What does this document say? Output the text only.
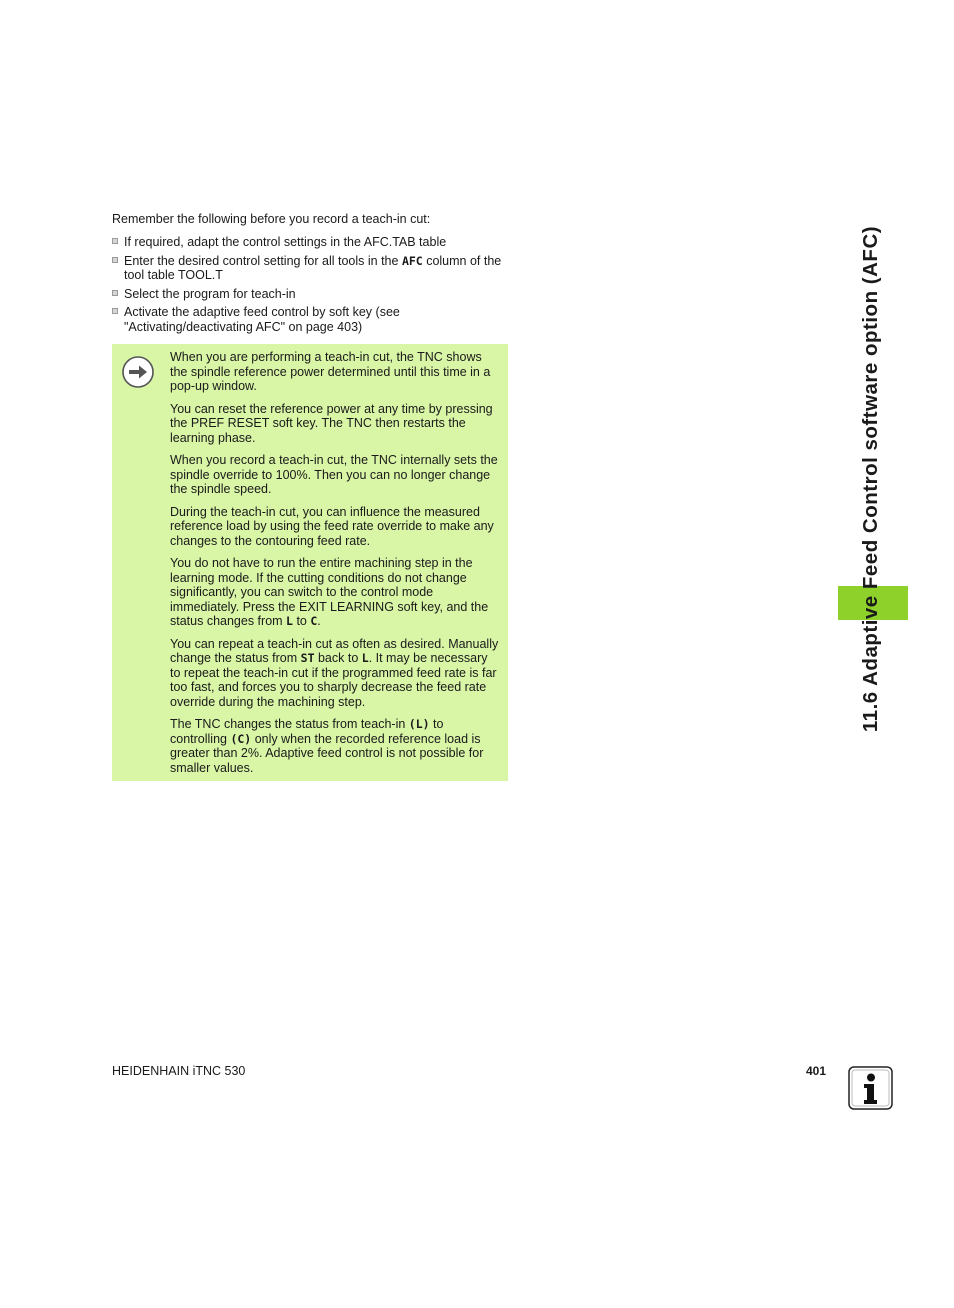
Remember the following before you record a teach-in cut:

If required, adapt the control settings in the AFC.TAB table
Enter the desired control setting for all tools in the AFC column of the tool table TOOL.T
Select the program for teach-in
Activate the adaptive feed control by soft key (see "Activating/deactivating AFC" on page 403)

When you are performing a teach-in cut, the TNC shows the spindle reference power determined until this time in a pop-up window.

You can reset the reference power at any time by pressing the PREF RESET soft key. The TNC then restarts the learning phase.

When you record a teach-in cut, the TNC internally sets the spindle override to 100%. Then you can no longer change the spindle speed.

During the teach-in cut, you can influence the measured reference load by using the feed rate override to make any changes to the contouring feed rate.

You do not have to run the entire machining step in the learning mode. If the cutting conditions do not change significantly, you can switch to the control mode immediately. Press the EXIT LEARNING soft key, and the status changes from L to C.

You can repeat a teach-in cut as often as desired. Manually change the status from ST back to L. It may be necessary to repeat the teach-in cut if the programmed feed rate is far too fast, and forces you to sharply decrease the feed rate override during the machining step.

The TNC changes the status from teach-in (L) to controlling (C) only when the recorded reference load is greater than 2%. Adaptive feed control is not possible for smaller values.

11.6 Adaptive Feed Control software option (AFC)
HEIDENHAIN iTNC 530	401
